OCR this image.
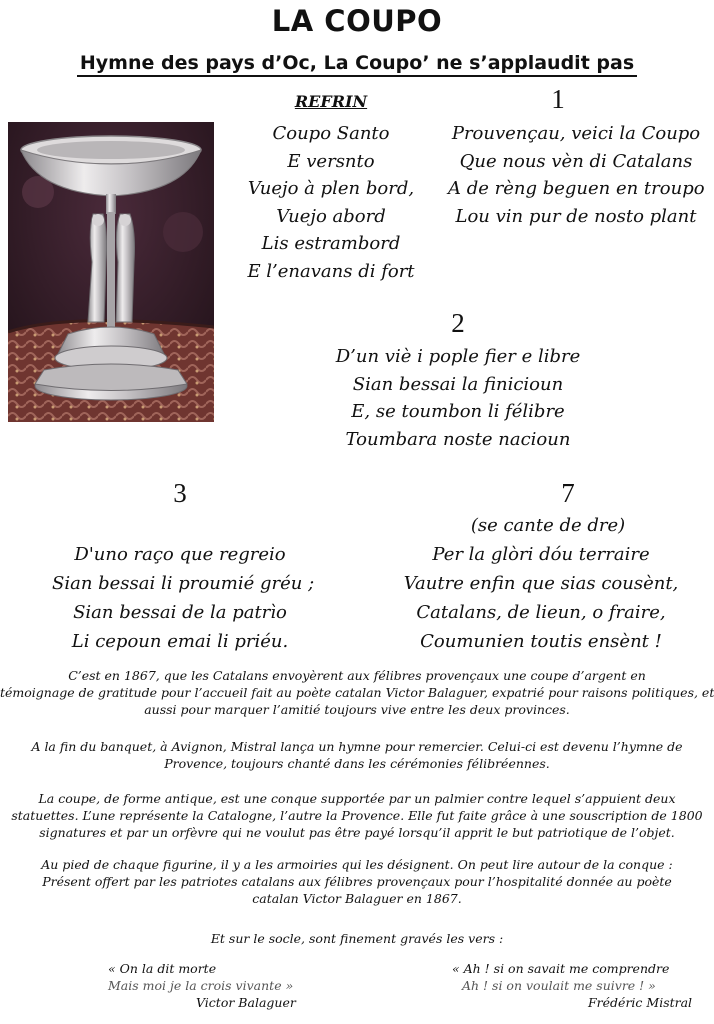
LA COUPO
Hymne des pays d’Oc, La Coupo’ ne s’applaudit pas
REFRIN
Coupo Santo
E versnto
Vuejo à plen bord,
Vuejo abord
Lis estrambord
E l’enavans di fort
1
Prouvençau, veici la Coupo
Que nous vèn di Catalans
A de rèng beguen en troupo
Lou vin pur de nosto plant
2
D’un viè i pople fier e libre
Sian bessai la finicioun
E, se toumbon li félibre
Toumbara noste nacioun
3
D'uno raço que regreio
Sian bessai li proumié gréu ;
Sian bessai de la patrìo
Li cepoun emai li priéu.
7
(se cante de dre)
Per la glòri dóu terraire
Vautre enfin que sias cousènt,
Catalans, de lieun, o fraire,
Coumunien toutis ensènt !
C’est en 1867, que les Catalans envoyèrent aux félibres provençaux une coupe d’argent en
témoignage de gratitude pour l’accueil fait au poète catalan Victor Balaguer, expatrié pour raisons politiques, et
aussi pour marquer l’amitié toujours vive entre les deux provinces.
A la fin du banquet, à Avignon, Mistral lança un hymne pour remercier. Celui-ci est devenu l’hymne de
Provence, toujours chanté dans les cérémonies félibréennes.
La coupe, de forme antique, est une conque supportée par un palmier contre lequel s’appuient deux
statuettes. L’une représente la Catalogne, l’autre la Provence. Elle fut faite grâce à une souscription de 1800
signatures et par un orfèvre qui ne voulut pas être payé lorsqu’il apprit le but patriotique de l’objet.
Au pied de chaque figurine, il y a les armoiries qui les désignent. On peut lire autour de la conque :
Présent offert par les patriotes catalans aux félibres provençaux pour l’hospitalité donnée au poète
catalan Victor Balaguer en 1867.
Et sur le socle, sont finement gravés les vers :
« On la dit morte
Mais moi je la crois vivante »
Victor Balaguer
« Ah ! si on savait me comprendre
Ah ! si on voulait me suivre ! »
Frédéric Mistral
